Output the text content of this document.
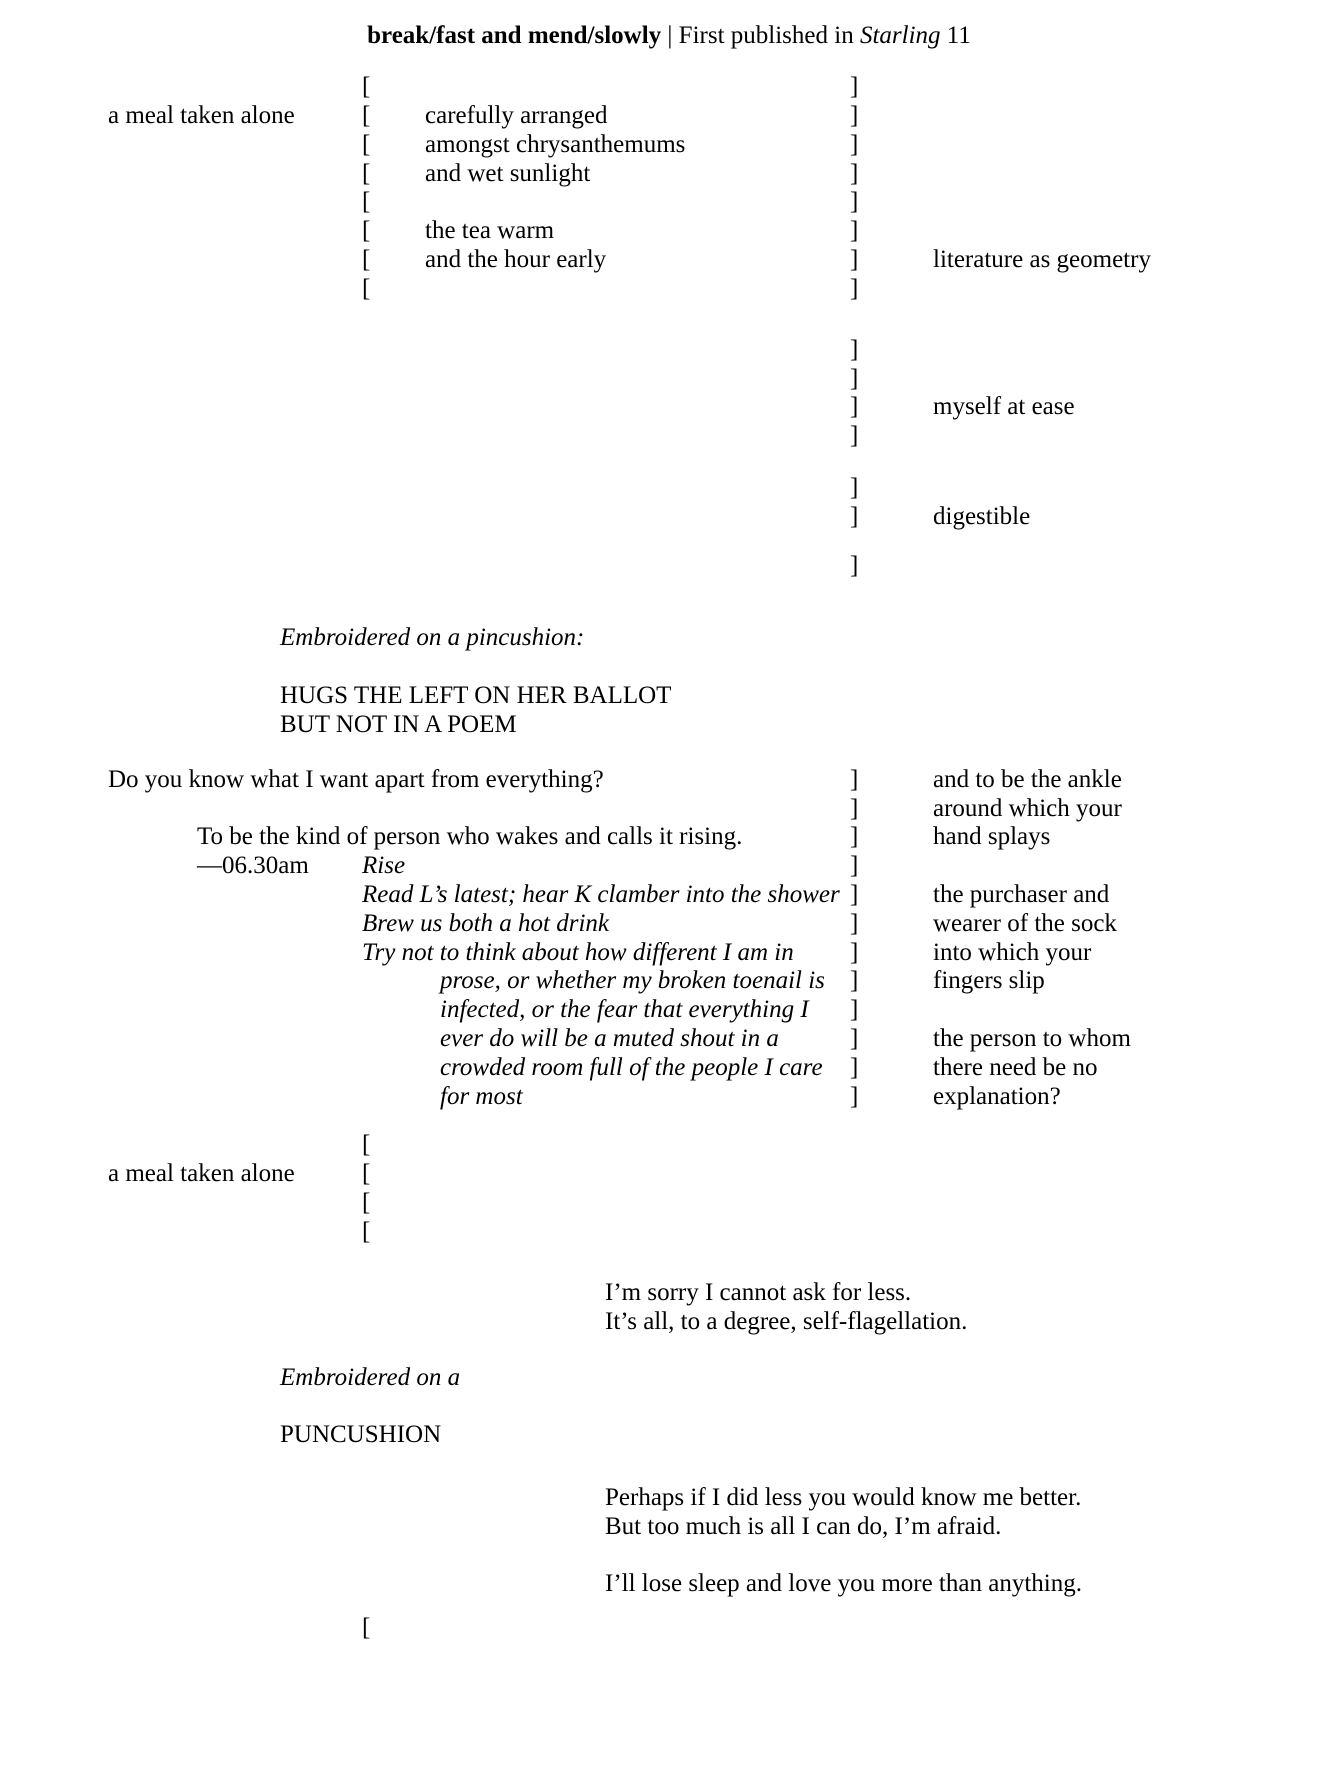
break/fast and mend/slowly | First published in Starling 11
[
[
[
[
[
[
[
[
]
]
]
]
]
]
]
]
a meal taken alone	carefully arranged
amongst chrysanthemums
and wet sunlight
the tea warm
and the hour early	literature as geometry
]
]
]
]
myself at ease
]
]	digestible
]
Embroidered on a pincushion:
HUGS THE LEFT ON HER BALLOT
BUT NOT IN A POEM
]
]
]
]
]
]
]
]
]
]
]
]
Do you know what I want apart from everything?
To be the kind of person who wakes and calls it rising.
—06.30am Rise
Read L’s latest; hear K clamber into the shower
Brew us both a hot drink
Try not to think about how different I am in
prose, or whether my broken toenail is
infected, or the fear that everything I
ever do will be a muted shout in a
crowded room full of the people I care
for most
and to be the ankle
around which your
hand splays
the purchaser and
wearer of the sock
into which your
fingers slip
the person to whom
there need be no
explanation?
[
[
[
[
a meal taken alone
I’m sorry I cannot ask for less.
It’s all, to a degree, self-flagellation.
Embroidered on a
PUNCUSHION
Perhaps if I did less you would know me better.
But too much is all I can do, I’m afraid.
I’ll lose sleep and love you more than anything.
[
